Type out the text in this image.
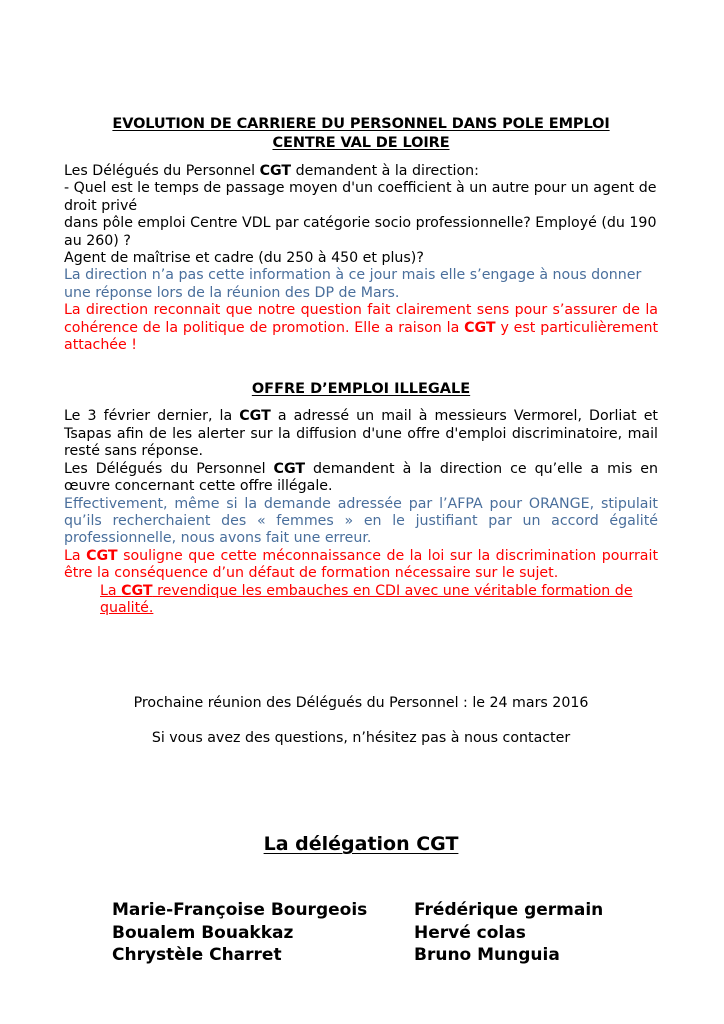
EVOLUTION DE CARRIERE DU PERSONNEL DANS POLE EMPLOI
CENTRE VAL DE LOIRE

Les Délégués du Personnel CGT demandent à la direction:

- Quel est le temps de passage moyen d'un coefficient à un autre pour un agent de droit privé

dans pôle emploi Centre VDL par catégorie socio professionnelle? Employé (du 190 au 260) ?

Agent de maîtrise et cadre (du 250 à 450 et plus)?

La direction n’a pas cette information à ce jour mais elle s’engage à nous donner une réponse lors de la réunion des DP de Mars.

La direction reconnait que notre question fait clairement sens pour s’assurer de la cohérence de la politique de promotion. Elle a raison la CGT y est particulièrement attachée !

OFFRE D’EMPLOI ILLEGALE

Le 3 février dernier, la CGT a adressé un mail à messieurs Vermorel, Dorliat et Tsapas afin de les alerter sur la diffusion d'une offre d'emploi discriminatoire, mail resté sans réponse.

Les Délégués du Personnel CGT demandent à la direction ce qu’elle a mis en œuvre concernant cette offre illégale.

Effectivement, même si la demande adressée par l’AFPA pour ORANGE, stipulait qu’ils recherchaient des « femmes » en le justifiant par un accord égalité professionnelle, nous avons fait une erreur.

La CGT souligne que cette méconnaissance de la loi sur la discrimination pourrait être la conséquence d’un défaut de formation nécessaire sur le sujet.

La CGT revendique les embauches en CDI avec une véritable formation de qualité.

Prochaine réunion des Délégués du Personnel : le 24 mars 2016

Si vous avez des questions, n’hésitez pas à nous contacter

La délégation CGT
Marie-Françoise Bourgeois
Boualem Bouakkaz
Chrystèle Charret
Frédérique germain
Hervé colas
Bruno Munguia
